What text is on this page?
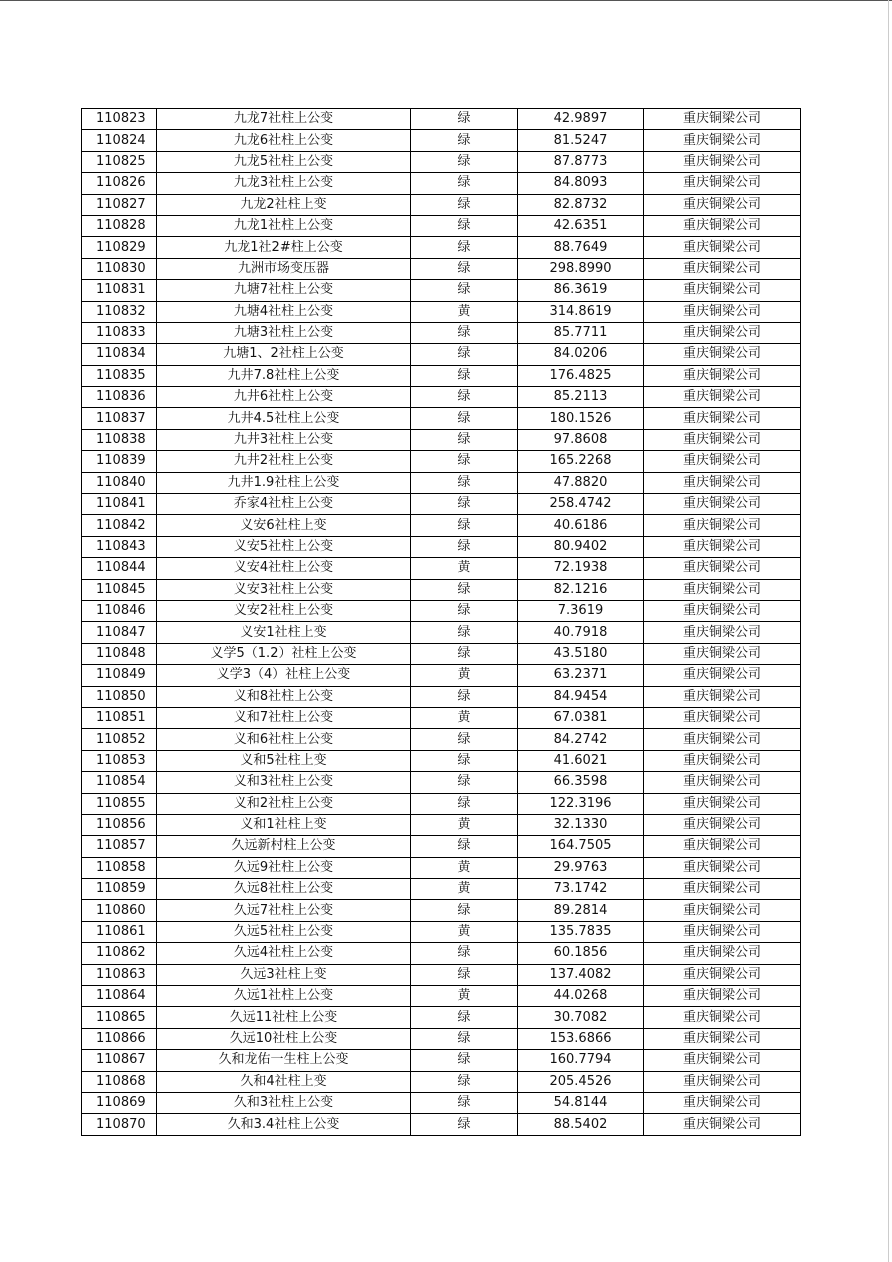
110823	九龙7社柱上公变	绿	42.9897	重庆铜梁公司
110824	九龙6社柱上公变	绿	81.5247	重庆铜梁公司
110825	九龙5社柱上公变	绿	87.8773	重庆铜梁公司
110826	九龙3社柱上公变	绿	84.8093	重庆铜梁公司
110827	九龙2社柱上变	绿	82.8732	重庆铜梁公司
110828	九龙1社柱上公变	绿	42.6351	重庆铜梁公司
110829	九龙1社2#柱上公变	绿	88.7649	重庆铜梁公司
110830	九洲市场变压器	绿	298.8990	重庆铜梁公司
110831	九塘7社柱上公变	绿	86.3619	重庆铜梁公司
110832	九塘4社柱上公变	黄	314.8619	重庆铜梁公司
110833	九塘3社柱上公变	绿	85.7711	重庆铜梁公司
110834	九塘1、2社柱上公变	绿	84.0206	重庆铜梁公司
110835	九井7.8社柱上公变	绿	176.4825	重庆铜梁公司
110836	九井6社柱上公变	绿	85.2113	重庆铜梁公司
110837	九井4.5社柱上公变	绿	180.1526	重庆铜梁公司
110838	九井3社柱上公变	绿	97.8608	重庆铜梁公司
110839	九井2社柱上公变	绿	165.2268	重庆铜梁公司
110840	九井1.9社柱上公变	绿	47.8820	重庆铜梁公司
110841	乔家4社柱上公变	绿	258.4742	重庆铜梁公司
110842	义安6社柱上变	绿	40.6186	重庆铜梁公司
110843	义安5社柱上公变	绿	80.9402	重庆铜梁公司
110844	义安4社柱上公变	黄	72.1938	重庆铜梁公司
110845	义安3社柱上公变	绿	82.1216	重庆铜梁公司
110846	义安2社柱上公变	绿	7.3619	重庆铜梁公司
110847	义安1社柱上变	绿	40.7918	重庆铜梁公司
110848	义学5（1.2）社柱上公变	绿	43.5180	重庆铜梁公司
110849	义学3（4）社柱上公变	黄	63.2371	重庆铜梁公司
110850	义和8社柱上公变	绿	84.9454	重庆铜梁公司
110851	义和7社柱上公变	黄	67.0381	重庆铜梁公司
110852	义和6社柱上公变	绿	84.2742	重庆铜梁公司
110853	义和5社柱上变	绿	41.6021	重庆铜梁公司
110854	义和3社柱上公变	绿	66.3598	重庆铜梁公司
110855	义和2社柱上公变	绿	122.3196	重庆铜梁公司
110856	义和1社柱上变	黄	32.1330	重庆铜梁公司
110857	久远新村柱上公变	绿	164.7505	重庆铜梁公司
110858	久远9社柱上公变	黄	29.9763	重庆铜梁公司
110859	久远8社柱上公变	黄	73.1742	重庆铜梁公司
110860	久远7社柱上公变	绿	89.2814	重庆铜梁公司
110861	久远5社柱上公变	黄	135.7835	重庆铜梁公司
110862	久远4社柱上公变	绿	60.1856	重庆铜梁公司
110863	久远3社柱上变	绿	137.4082	重庆铜梁公司
110864	久远1社柱上公变	黄	44.0268	重庆铜梁公司
110865	久远11社柱上公变	绿	30.7082	重庆铜梁公司
110866	久远10社柱上公变	绿	153.6866	重庆铜梁公司
110867	久和龙佑一生柱上公变	绿	160.7794	重庆铜梁公司
110868	久和4社柱上变	绿	205.4526	重庆铜梁公司
110869	久和3社柱上公变	绿	54.8144	重庆铜梁公司
110870	久和3.4社柱上公变	绿	88.5402	重庆铜梁公司
